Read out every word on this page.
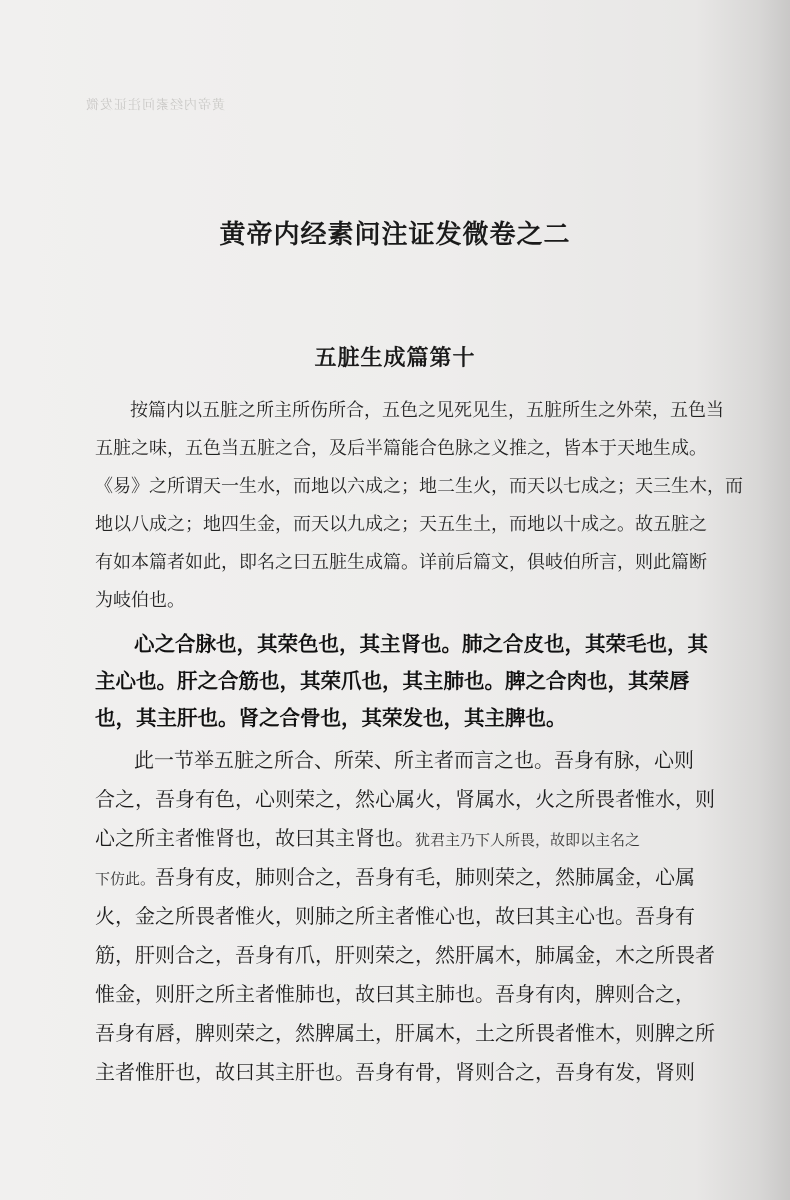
黄帝内经素问注证发微
黄帝内经素问注证发微卷之二
五脏生成篇第十
按篇内以五脏之所主所伤所合，五色之见死见生，五脏所生之外荣，五色当
五脏之味，五色当五脏之合，及后半篇能合色脉之义推之，皆本于天地生成。
《易》之所谓天一生水，而地以六成之；地二生火，而天以七成之；天三生木，而
地以八成之；地四生金，而天以九成之；天五生土，而地以十成之。故五脏之
有如本篇者如此，即名之曰五脏生成篇。详前后篇文，俱岐伯所言，则此篇断
为岐伯也。
心之合脉也，其荣色也，其主肾也。肺之合皮也，其荣毛也，其
主心也。肝之合筋也，其荣爪也，其主肺也。脾之合肉也，其荣唇
也，其主肝也。肾之合骨也，其荣发也，其主脾也。
此一节举五脏之所合、所荣、所主者而言之也。吾身有脉，心则
合之，吾身有色，心则荣之，然心属火，肾属水，火之所畏者惟水，则
心之所主者惟肾也，故曰其主肾也。犹君主乃下人所畏，故即以主名之
下仿此。吾身有皮，肺则合之，吾身有毛，肺则荣之，然肺属金，心属
火，金之所畏者惟火，则肺之所主者惟心也，故曰其主心也。吾身有
筋，肝则合之，吾身有爪，肝则荣之，然肝属木，肺属金，木之所畏者
惟金，则肝之所主者惟肺也，故曰其主肺也。吾身有肉，脾则合之，
吾身有唇，脾则荣之，然脾属土，肝属木，土之所畏者惟木，则脾之所
主者惟肝也，故曰其主肝也。吾身有骨，肾则合之，吾身有发，肾则
